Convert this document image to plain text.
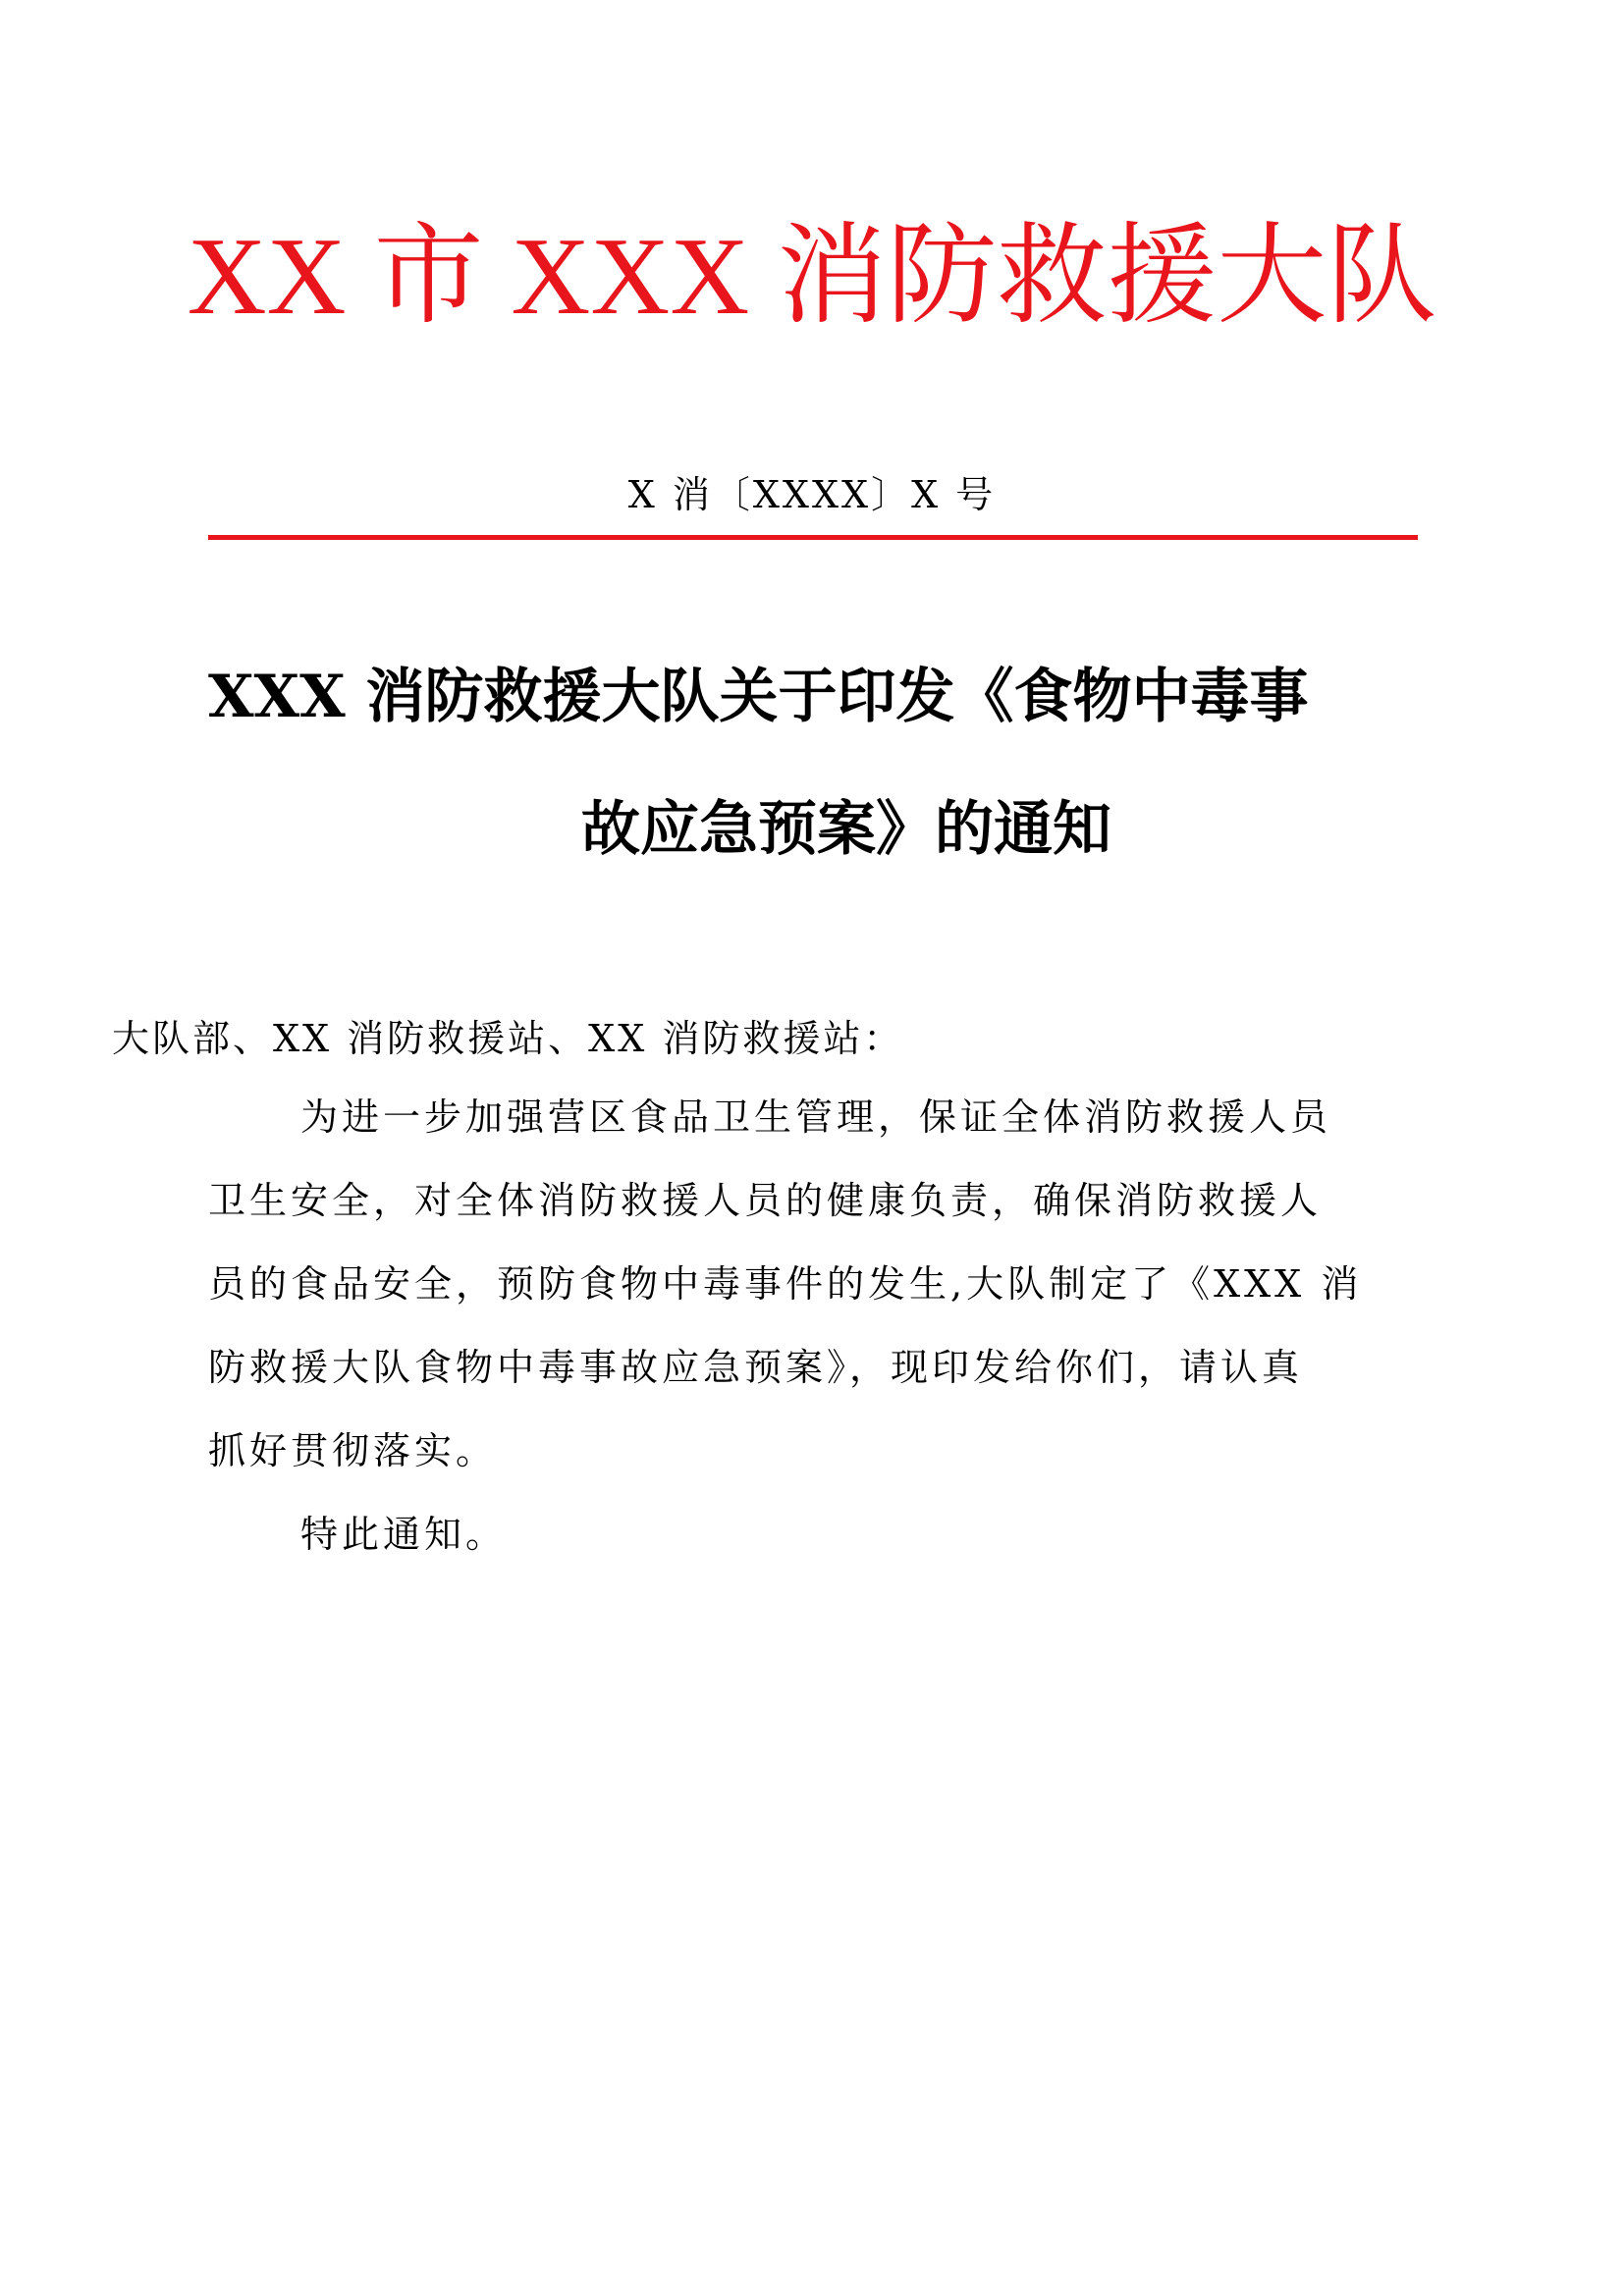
XX 市 XXX 消防救援大队
X 消〔XXXX〕X 号
XXX 消防救援大队关于印发《食物中毒事
故应急预案》的通知
大队部、XX 消防救援站、XX 消防救援站：
为进一步加强营区食品卫生管理，保证全体消防救援人员
卫生安全，对全体消防救援人员的健康负责，确保消防救援人
员的食品安全，预防食物中毒事件的发生,大队制定了《XXX 消
防救援大队食物中毒事故应急预案》，现印发给你们，请认真
抓好贯彻落实。
特此通知。
